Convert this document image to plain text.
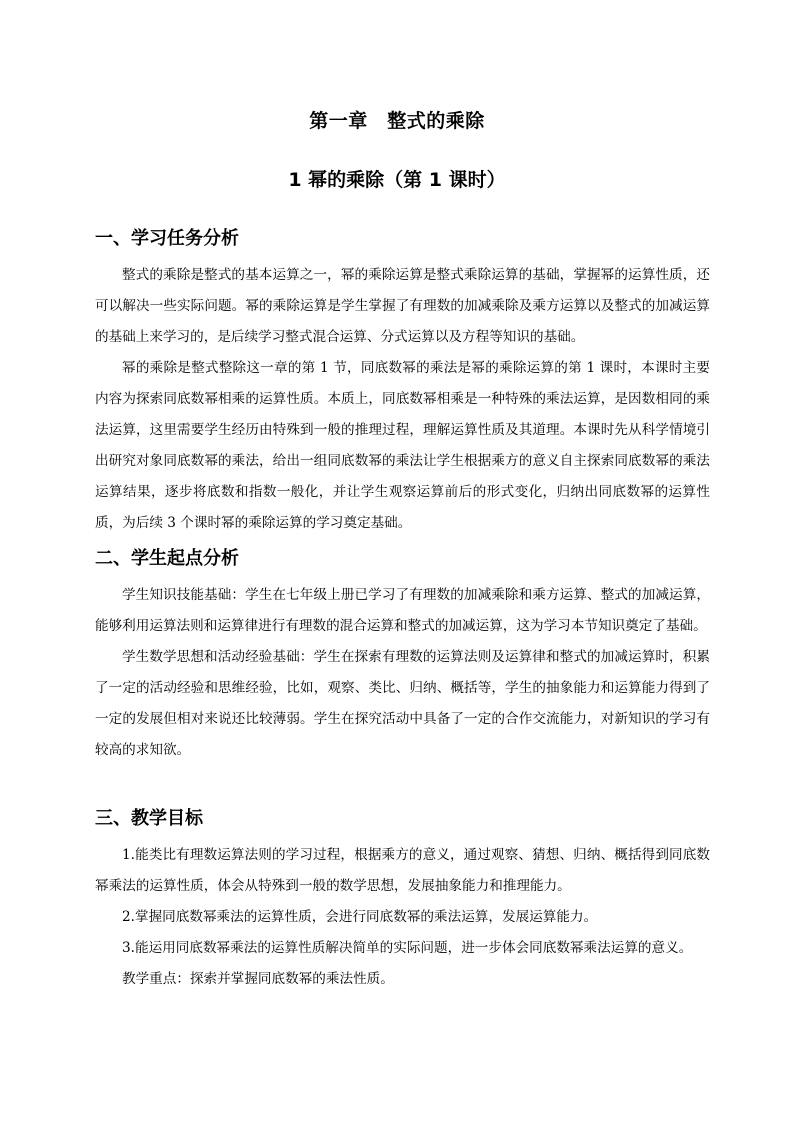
第一章　整式的乘除
1 幂的乘除（第 1 课时）
一、学习任务分析

整式的乘除是整式的基本运算之一，幂的乘除运算是整式乘除运算的基础，掌握幂的运算性质，还可以解决一些实际问题。幂的乘除运算是学生掌握了有理数的加减乘除及乘方运算以及整式的加减运算的基础上来学习的，是后续学习整式混合运算、分式运算以及方程等知识的基础。

幂的乘除是整式整除这一章的第 1 节，同底数幂的乘法是幂的乘除运算的第 1 课时，本课时主要内容为探索同底数幂相乘的运算性质。本质上，同底数幂相乘是一种特殊的乘法运算，是因数相同的乘法运算，这里需要学生经历由特殊到一般的推理过程，理解运算性质及其道理。本课时先从科学情境引出研究对象同底数幂的乘法，给出一组同底数幂的乘法让学生根据乘方的意义自主探索同底数幂的乘法运算结果，逐步将底数和指数一般化，并让学生观察运算前后的形式变化，归纳出同底数幂的运算性质，为后续 3 个课时幂的乘除运算的学习奠定基础。

二、学生起点分析

学生知识技能基础：学生在七年级上册已学习了有理数的加减乘除和乘方运算、整式的加减运算，能够利用运算法则和运算律进行有理数的混合运算和整式的加减运算，这为学习本节知识奠定了基础。

学生数学思想和活动经验基础：学生在探索有理数的运算法则及运算律和整式的加减运算时，积累了一定的活动经验和思维经验，比如，观察、类比、归纳、概括等，学生的抽象能力和运算能力得到了一定的发展但相对来说还比较薄弱。学生在探究活动中具备了一定的合作交流能力，对新知识的学习有较高的求知欲。

三、教学目标

1.能类比有理数运算法则的学习过程，根据乘方的意义，通过观察、猜想、归纳、概括得到同底数幂乘法的运算性质，体会从特殊到一般的数学思想，发展抽象能力和推理能力。

2.掌握同底数幂乘法的运算性质，会进行同底数幂的乘法运算，发展运算能力。

3.能运用同底数幂乘法的运算性质解决简单的实际问题，进一步体会同底数幂乘法运算的意义。

教学重点：探索并掌握同底数幂的乘法性质。
